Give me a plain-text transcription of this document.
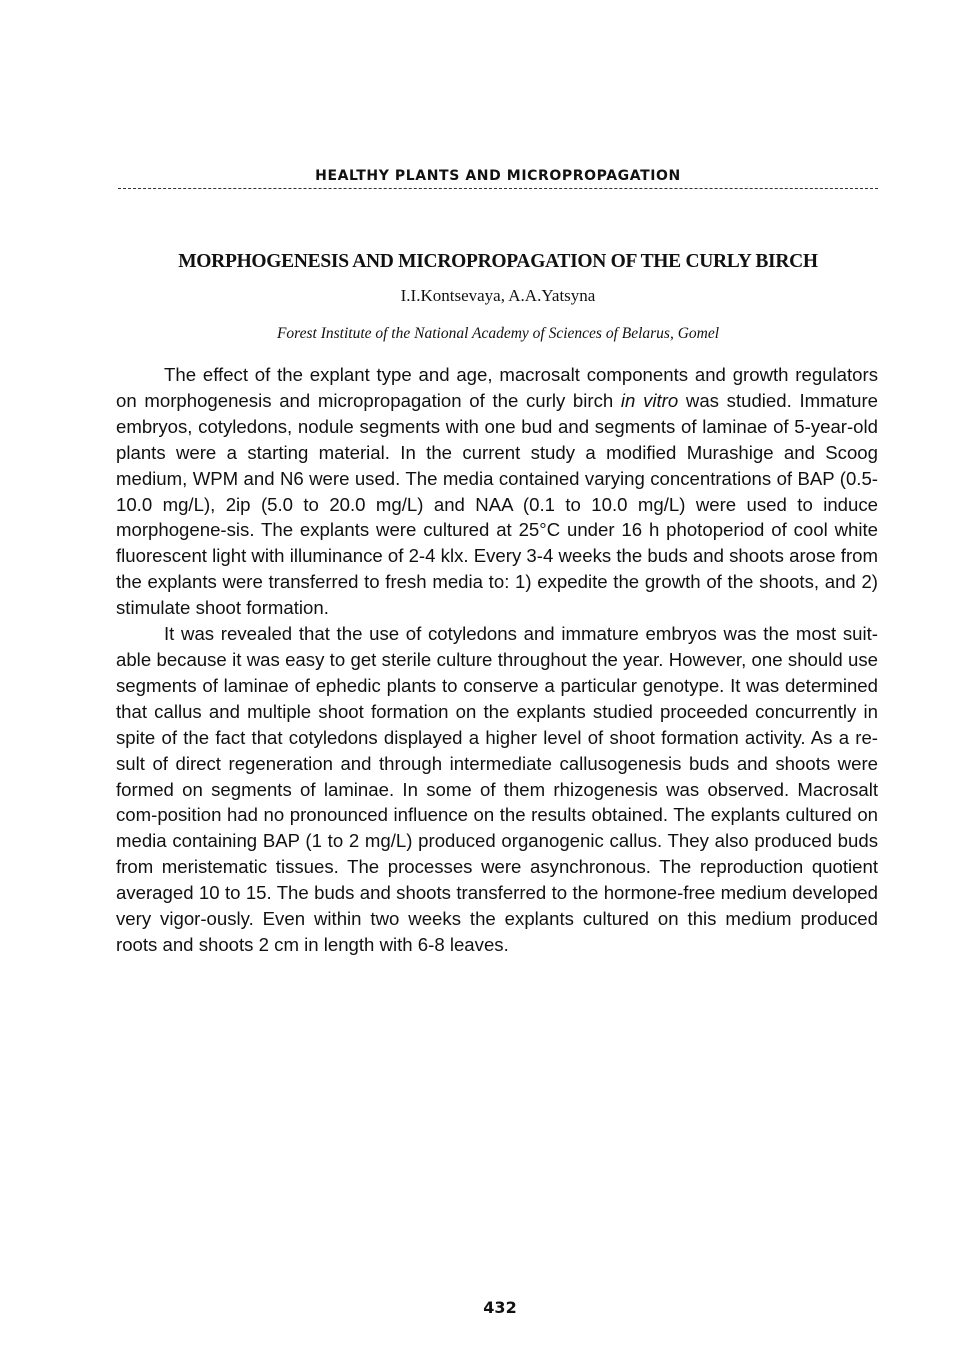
HEALTHY PLANTS AND MICROPROPAGATION
MORPHOGENESIS AND MICROPROPAGATION OF THE CURLY BIRCH
I.I.Kontsevaya, A.A.Yatsyna
Forest Institute of the National Academy of Sciences of Belarus, Gomel

The effect of the explant type and age, macrosalt components and growth regulators on morphogenesis and micropropagation of the curly birch in vitro was studied. Immature embryos, cotyledons, nodule segments with one bud and segments of laminae of 5-year-old plants were a starting material. In the current study a modified Murashige and Scoog medium, WPM and N6 were used. The media contained varying concentrations of BAP (0.5-10.0 mg/L), 2ip (5.0 to 20.0 mg/L) and NAA (0.1 to 10.0 mg/L) were used to induce morphogene-sis. The explants were cultured at 25°C under 16 h photoperiod of cool white fluorescent light with illuminance of 2-4 klx. Every 3-4 weeks the buds and shoots arose from the explants were transferred to fresh media to: 1) expedite the growth of the shoots, and 2) stimulate shoot formation.

It was revealed that the use of cotyledons and immature embryos was the most suit-able because it was easy to get sterile culture throughout the year. However, one should use segments of laminae of ephedic plants to conserve a particular genotype. It was determined that callus and multiple shoot formation on the explants studied proceeded concurrently in spite of the fact that cotyledons displayed a higher level of shoot formation activity. As a re-sult of direct regeneration and through intermediate callusogenesis buds and shoots were formed on segments of laminae. In some of them rhizogenesis was observed. Macrosalt com-position had no pronounced influence on the results obtained. The explants cultured on media containing BAP (1 to 2 mg/L) produced organogenic callus. They also produced buds from meristematic tissues. The processes were asynchronous. The reproduction quotient averaged 10 to 15. The buds and shoots transferred to the hormone-free medium developed very vigor-ously. Even within two weeks the explants cultured on this medium produced roots and shoots 2 cm in length with 6-8 leaves.

432
